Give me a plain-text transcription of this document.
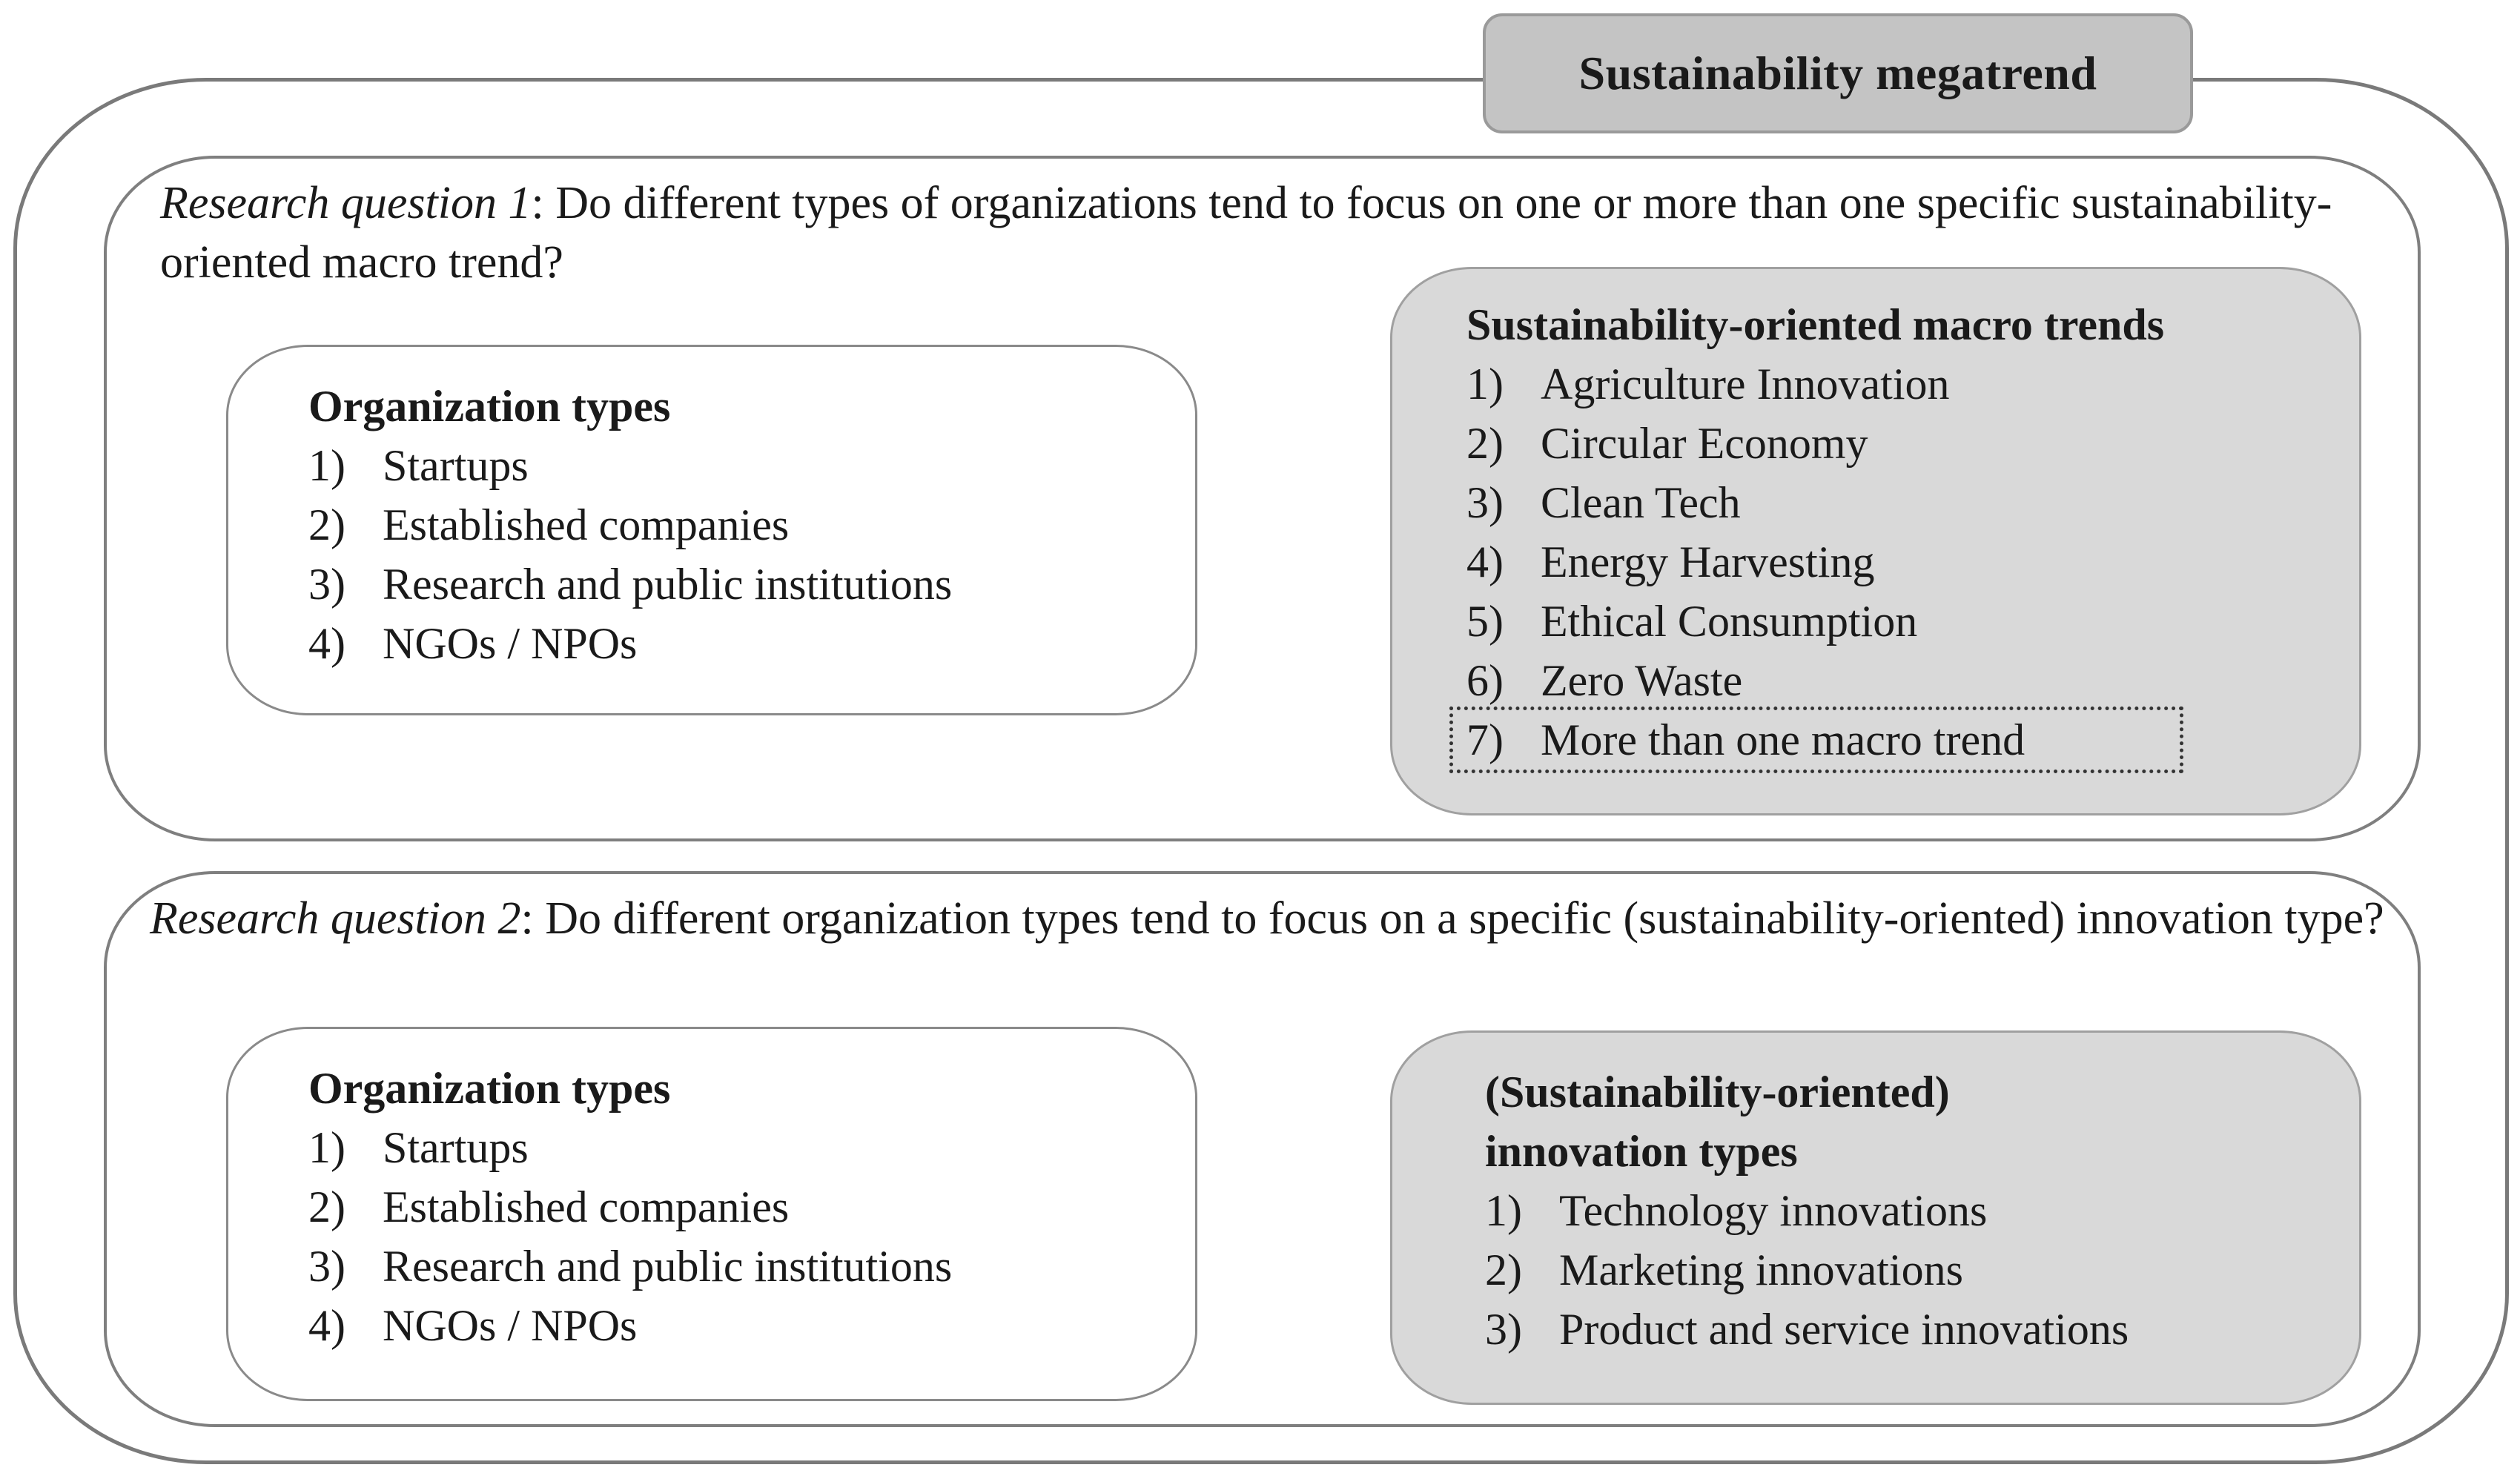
Sustainability megatrend
Research question 1: Do different types of organizations tend to focus on one or more than one specific sustainability-oriented macro trend?
Organization types
1) Startups
2) Established companies
3) Research and public institutions
4) NGOs / NPOs
Sustainability-oriented macro trends
1) Agriculture Innovation
2) Circular Economy
3) Clean Tech
4) Energy Harvesting
5) Ethical Consumption
6) Zero Waste
7) More than one macro trend
Research question 2: Do different organization types tend to focus on a specific (sustainability-oriented) innovation type?
Organization types
1) Startups
2) Established companies
3) Research and public institutions
4) NGOs / NPOs
(Sustainability-oriented)
innovation types
1) Technology innovations
2) Marketing innovations
3) Product and service innovations
